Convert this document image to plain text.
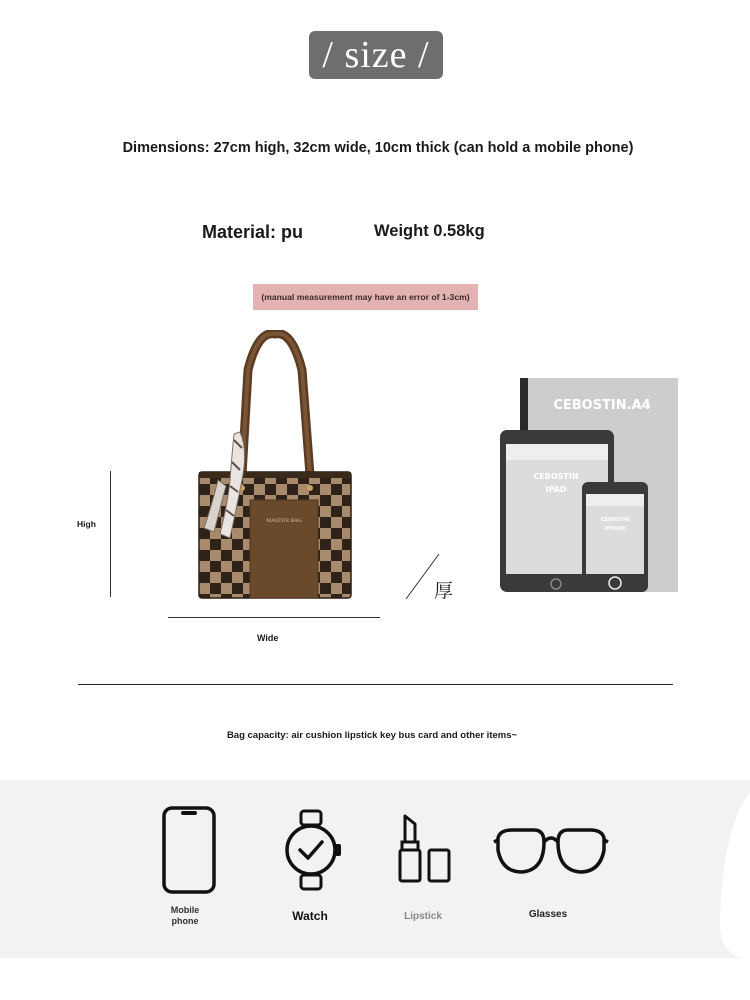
/ size /
Dimensions: 27cm high, 32cm wide, 10cm thick (can hold a mobile phone)
Material: pu	Weight 0.58kg
(manual measurement may have an error of 1-3cm)
High
Wide
厚
MASTER BAG
CEBOSTIN.A4
CEBOSTIN
IPAD
CEBOSTIN
IPHONE
Bag capacity: air cushion lipstick key bus card and other items~
Mobile
phone	Watch	Lipstick	Glasses
